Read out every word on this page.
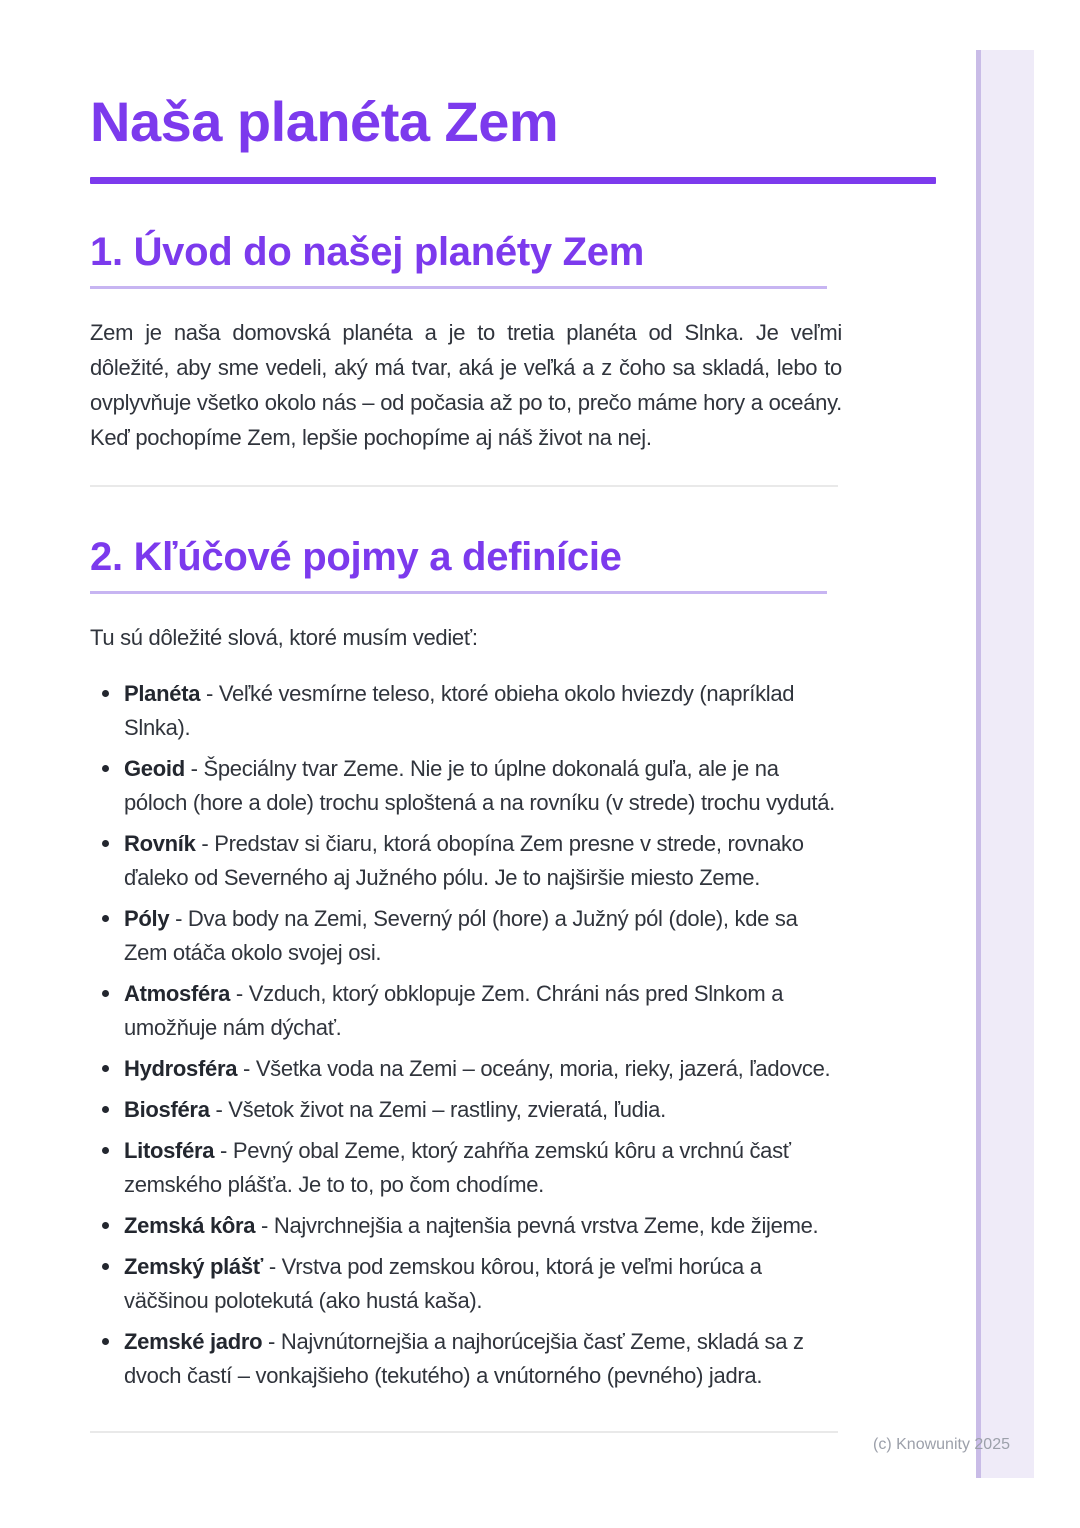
Naša planéta Zem
1. Úvod do našej planéty Zem

Zem je naša domovská planéta a je to tretia planéta od Slnka. Je veľmi dôležité, aby sme vedeli, aký má tvar, aká je veľká a z čoho sa skladá, lebo to ovplyvňuje všetko okolo nás – od počasia až po to, prečo máme hory a oceány. Keď pochopíme Zem, lepšie pochopíme aj náš život na nej.

2. Kľúčové pojmy a definície

Tu sú dôležité slová, ktoré musím vedieť:

Planéta - Veľké vesmírne teleso, ktoré obieha okolo hviezdy (napríklad Slnka).
Geoid - Špeciálny tvar Zeme. Nie je to úplne dokonalá guľa, ale je na póloch (hore a dole) trochu sploštená a na rovníku (v strede) trochu vydutá.
Rovník - Predstav si čiaru, ktorá obopína Zem presne v strede, rovnako ďaleko od Severného aj Južného pólu. Je to najširšie miesto Zeme.
Póly - Dva body na Zemi, Severný pól (hore) a Južný pól (dole), kde sa Zem otáča okolo svojej osi.
Atmosféra - Vzduch, ktorý obklopuje Zem. Chráni nás pred Slnkom a umožňuje nám dýchať.
Hydrosféra - Všetka voda na Zemi – oceány, moria, rieky, jazerá, ľadovce.
Biosféra - Všetok život na Zemi – rastliny, zvieratá, ľudia.
Litosféra - Pevný obal Zeme, ktorý zahŕňa zemskú kôru a vrchnú časť zemského plášťa. Je to to, po čom chodíme.
Zemská kôra - Najvrchnejšia a najtenšia pevná vrstva Zeme, kde žijeme.
Zemský plášť - Vrstva pod zemskou kôrou, ktorá je veľmi horúca a väčšinou polotekutá (ako hustá kaša).
Zemské jadro - Najvnútornejšia a najhorúcejšia časť Zeme, skladá sa z dvoch častí – vonkajšieho (tekutého) a vnútorného (pevného) jadra.
(c) Knowunity 2025
